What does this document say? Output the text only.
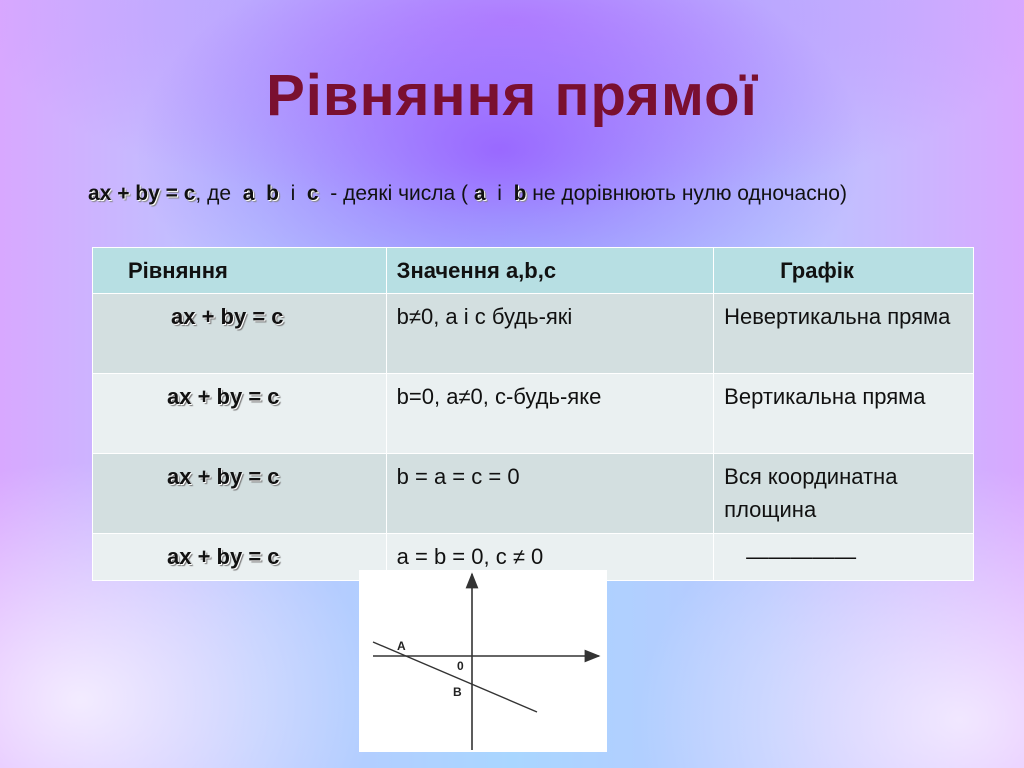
Рівняння прямої
ax + by = c, де a b і c - деякі числа ( a і b не дорівнюють нулю одночасно)
Рівняння	Значення a,b,c	Графік
ax + by = c	b≠0, a і c будь-які	Невертикальна пряма
ax + by = c	b=0, a≠0, c-будь-яке	Вертикальна пряма
ax + by = c	b = a = c = 0	Вся координатна площина
ax + by = c	a = b = 0, c ≠ 0	—————
A
0
B
